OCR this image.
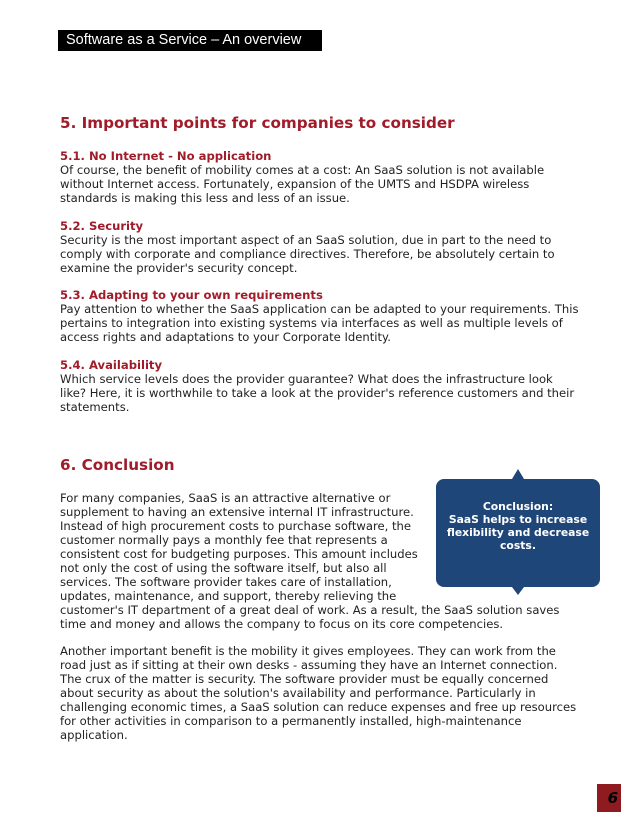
Software as a Service – An overview
5. Important points for companies to consider

5.1. No Internet - No application

Of course, the benefit of mobility comes at a cost: An SaaS solution is not available

without Internet access. Fortunately, expansion of the UMTS and HSDPA wireless

standards is making this less and less of an issue.

5.2. Security

Security is the most important aspect of an SaaS solution, due in part to the need to

comply with corporate and compliance directives. Therefore, be absolutely certain to

examine the provider's security concept.

5.3. Adapting to your own requirements

Pay attention to whether the SaaS application can be adapted to your requirements. This

pertains to integration into existing systems via interfaces as well as multiple levels of

access rights and adaptations to your Corporate Identity.

5.4. Availability

Which service levels does the provider guarantee? What does the infrastructure look

like? Here, it is worthwhile to take a look at the provider's reference customers and their

statements.

6. Conclusion

For many companies, SaaS is an attractive alternative or

supplement to having an extensive internal IT infrastructure.

Instead of high procurement costs to purchase software, the

customer normally pays a monthly fee that represents a

consistent cost for budgeting purposes. This amount includes

not only the cost of using the software itself, but also all

services. The software provider takes care of installation,

updates, maintenance, and support, thereby relieving the

customer's IT department of a great deal of work. As a result, the SaaS solution saves

time and money and allows the company to focus on its core competencies.

Another important benefit is the mobility it gives employees. They can work from the

road just as if sitting at their own desks - assuming they have an Internet connection.

The crux of the matter is security. The software provider must be equally concerned

about security as about the solution's availability and performance. Particularly in

challenging economic times, a SaaS solution can reduce expenses and free up resources

for other activities in comparison to a permanently installed, high-maintenance

application.

Conclusion:

SaaS helps to increase

flexibility and decrease

costs.

6
